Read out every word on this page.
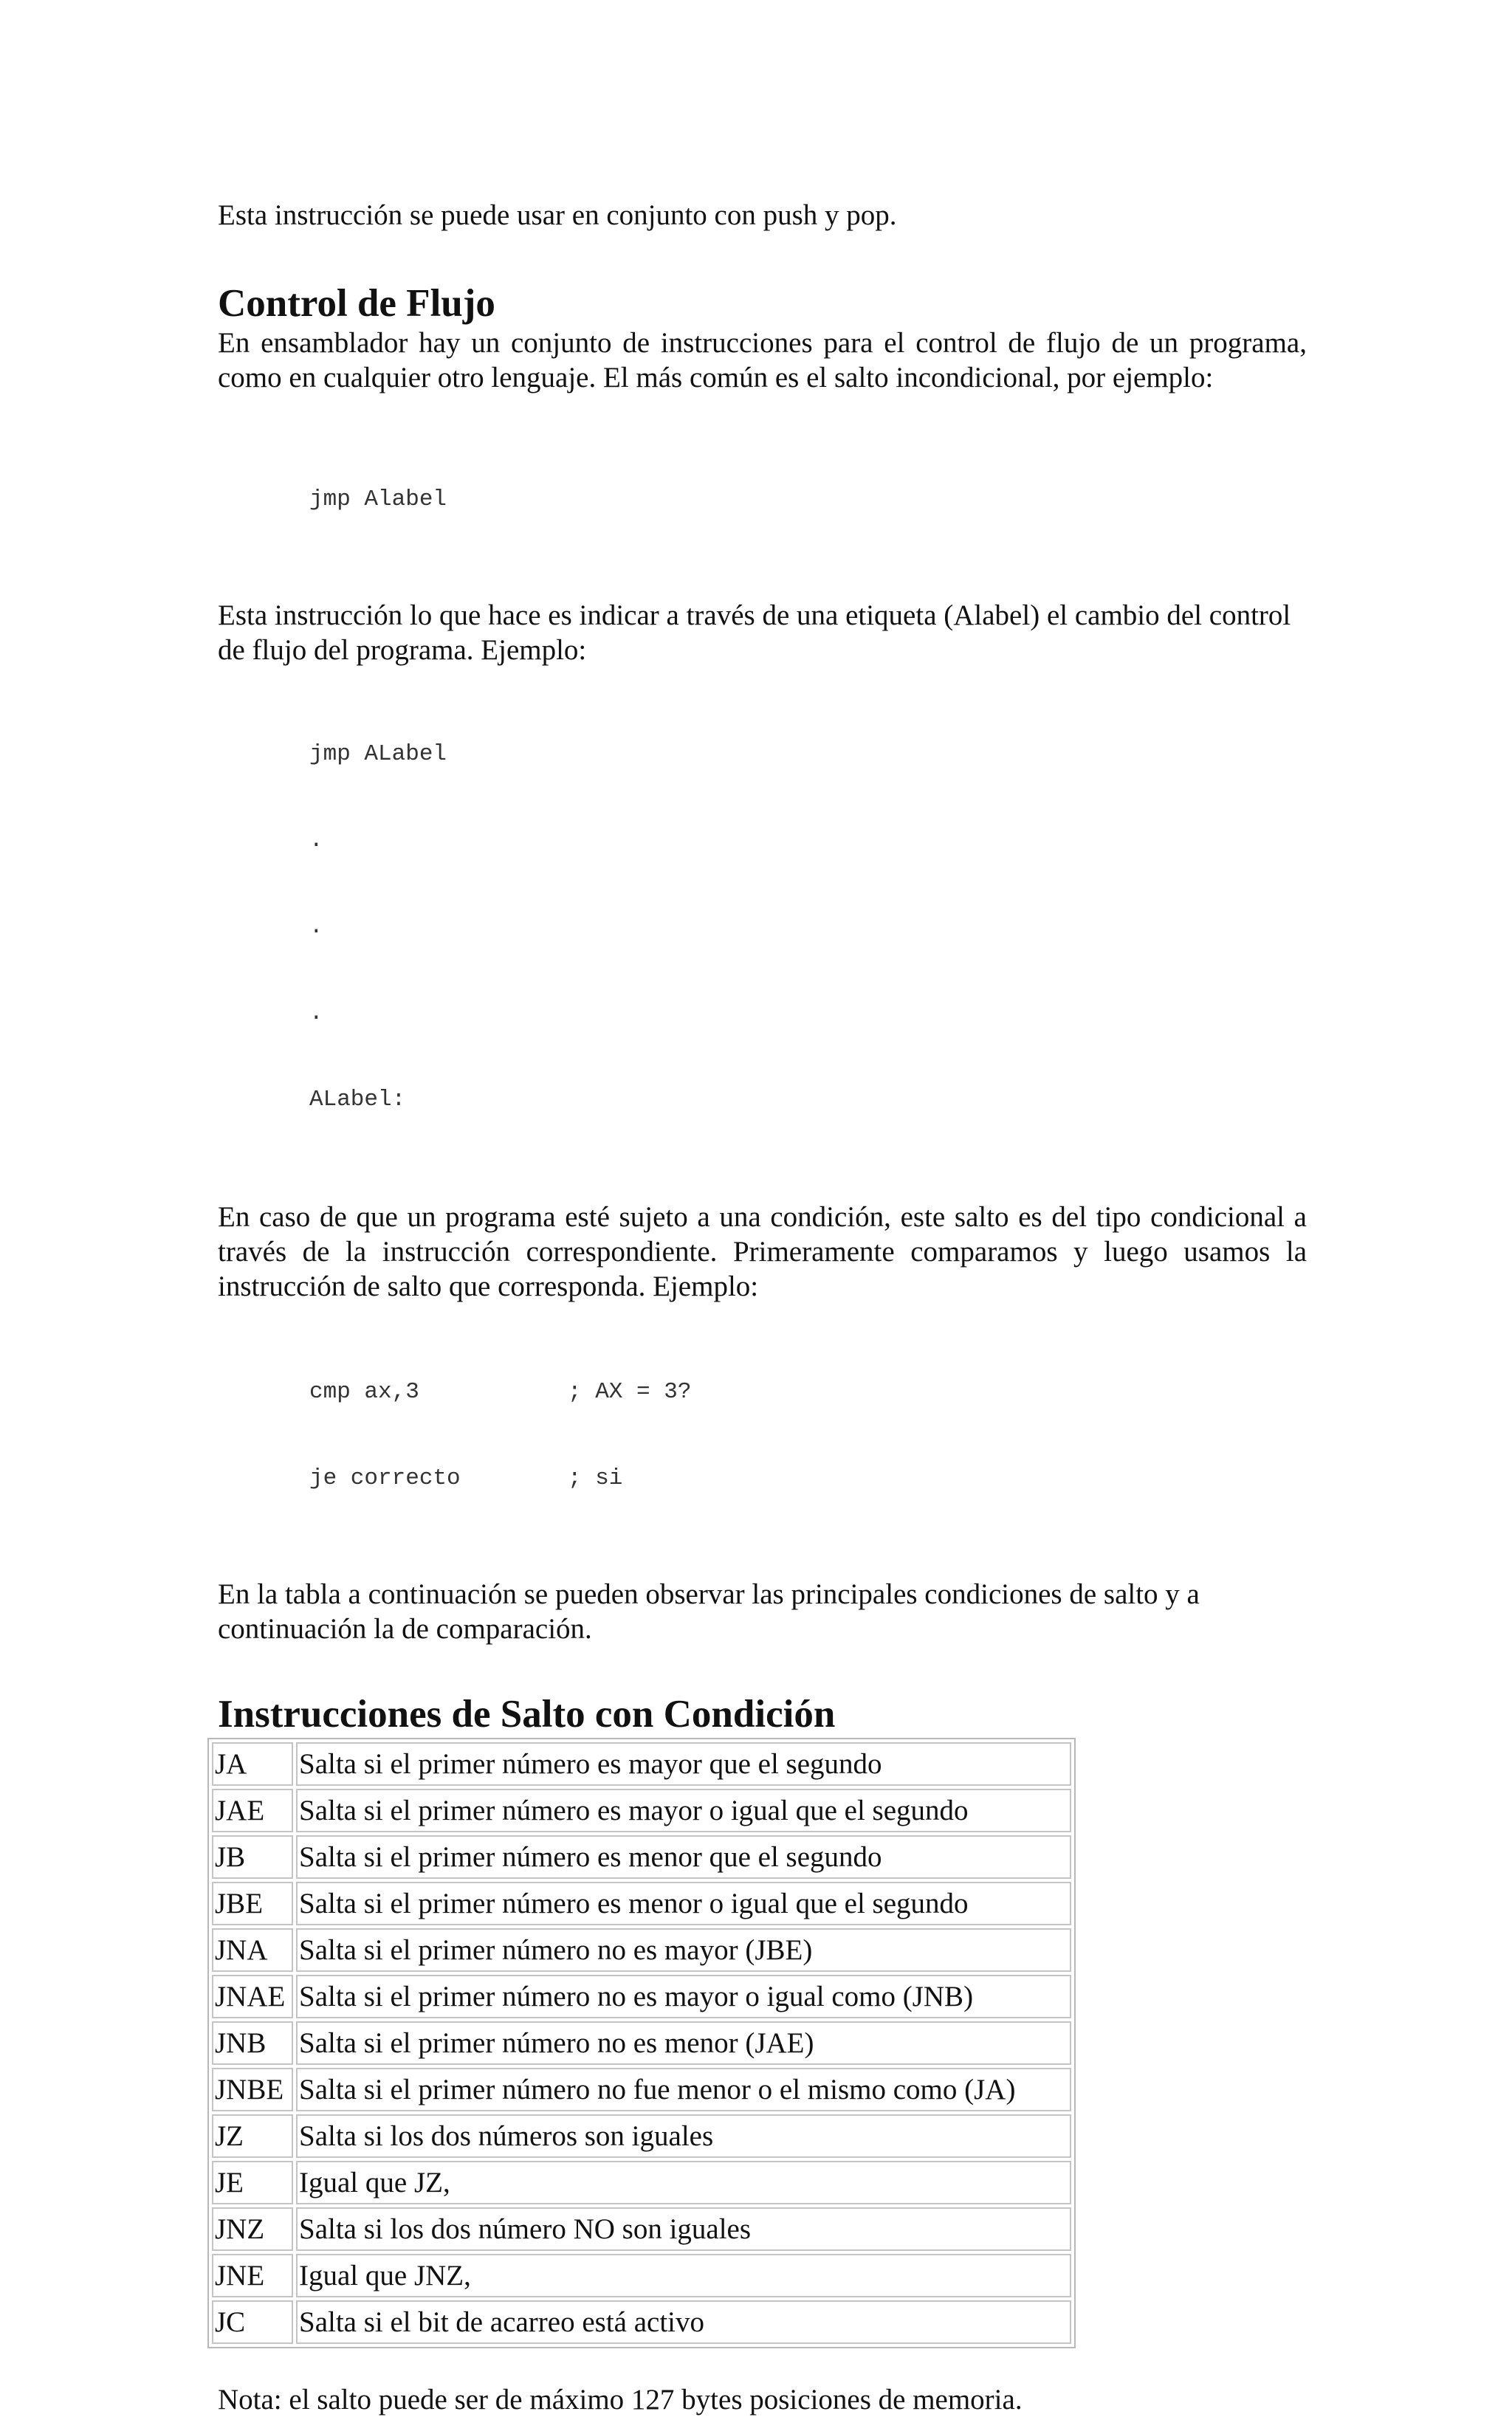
Esta instrucción se puede usar en conjunto con push y pop.

Control de Flujo

En ensamblador hay un conjunto de instrucciones para el control de flujo de un programa, como en cualquier otro lenguaje. El más común es el salto incondicional, por ejemplo:

jmp Alabel

Esta instrucción lo que hace es indicar a través de una etiqueta (Alabel) el cambio del control de flujo del programa. Ejemplo:

jmp ALabel

.

.

.

ALabel:

En caso de que un programa esté sujeto a una condición, este salto es del tipo condicional a través de la instrucción correspondiente. Primeramente comparamos y luego usamos la instrucción de salto que corresponda. Ejemplo:

cmp ax,3	; AX = 3?

je correcto	; si

En la tabla a continuación se pueden observar las principales condiciones de salto y a continuación la de comparación.

Instrucciones de Salto con Condición
JA	Salta si el primer número es mayor que el segundo
JAE	Salta si el primer número es mayor o igual que el segundo
JB	Salta si el primer número es menor que el segundo
JBE	Salta si el primer número es menor o igual que el segundo
JNA	Salta si el primer número no es mayor (JBE)
JNAE	Salta si el primer número no es mayor o igual como (JNB)
JNB	Salta si el primer número no es menor (JAE)
JNBE	Salta si el primer número no fue menor o el mismo como (JA)
JZ	Salta si los dos números son iguales
JE	Igual que JZ,
JNZ	Salta si los dos número NO son iguales
JNE	Igual que JNZ,
JC	Salta si el bit de acarreo está activo

Nota: el salto puede ser de máximo 127 bytes posiciones de memoria.
